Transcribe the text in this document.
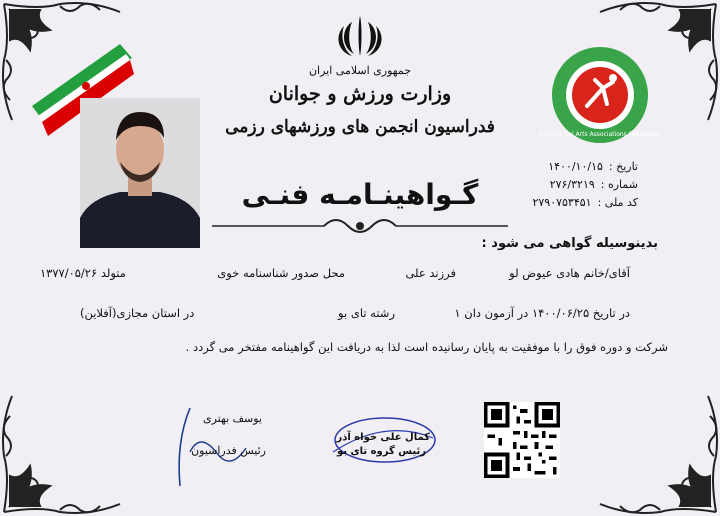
جمهوری اسلامی ایران
وزارت ورزش و جوانان
فدراسیون انجمن های ورزشهای رزمی	Iran Martial Arts Associations Federation
تاریخ :
۱۴۰۰/۱۰/۱۵
شماره :
۲۷۶/۳۲۱۹
کد ملی :
۲۷۹۰۷۵۳۴۵۱
گـواهینـامـه فنـی
بدینوسیله گواهی می شود :
آقای/خانم هادی عیوض لو
فرزند علی
محل صدور شناسنامه خوی
متولد ۱۳۷۷/۰۵/۲۶
در تاریخ ۱۴۰۰/۰۶/۲۵ در آزمون دان ۱
رشته تای بو
در استان مجازی(آفلاین)
شرکت و دوره فوق را با موفقیت به پایان رسانیده است لذا به دریافت این گواهینامه مفتخر می گردد .
یوسف بهتری
رئیس فدراسیون
کمال علی خواه آذر
رئیس گروه تای بو
